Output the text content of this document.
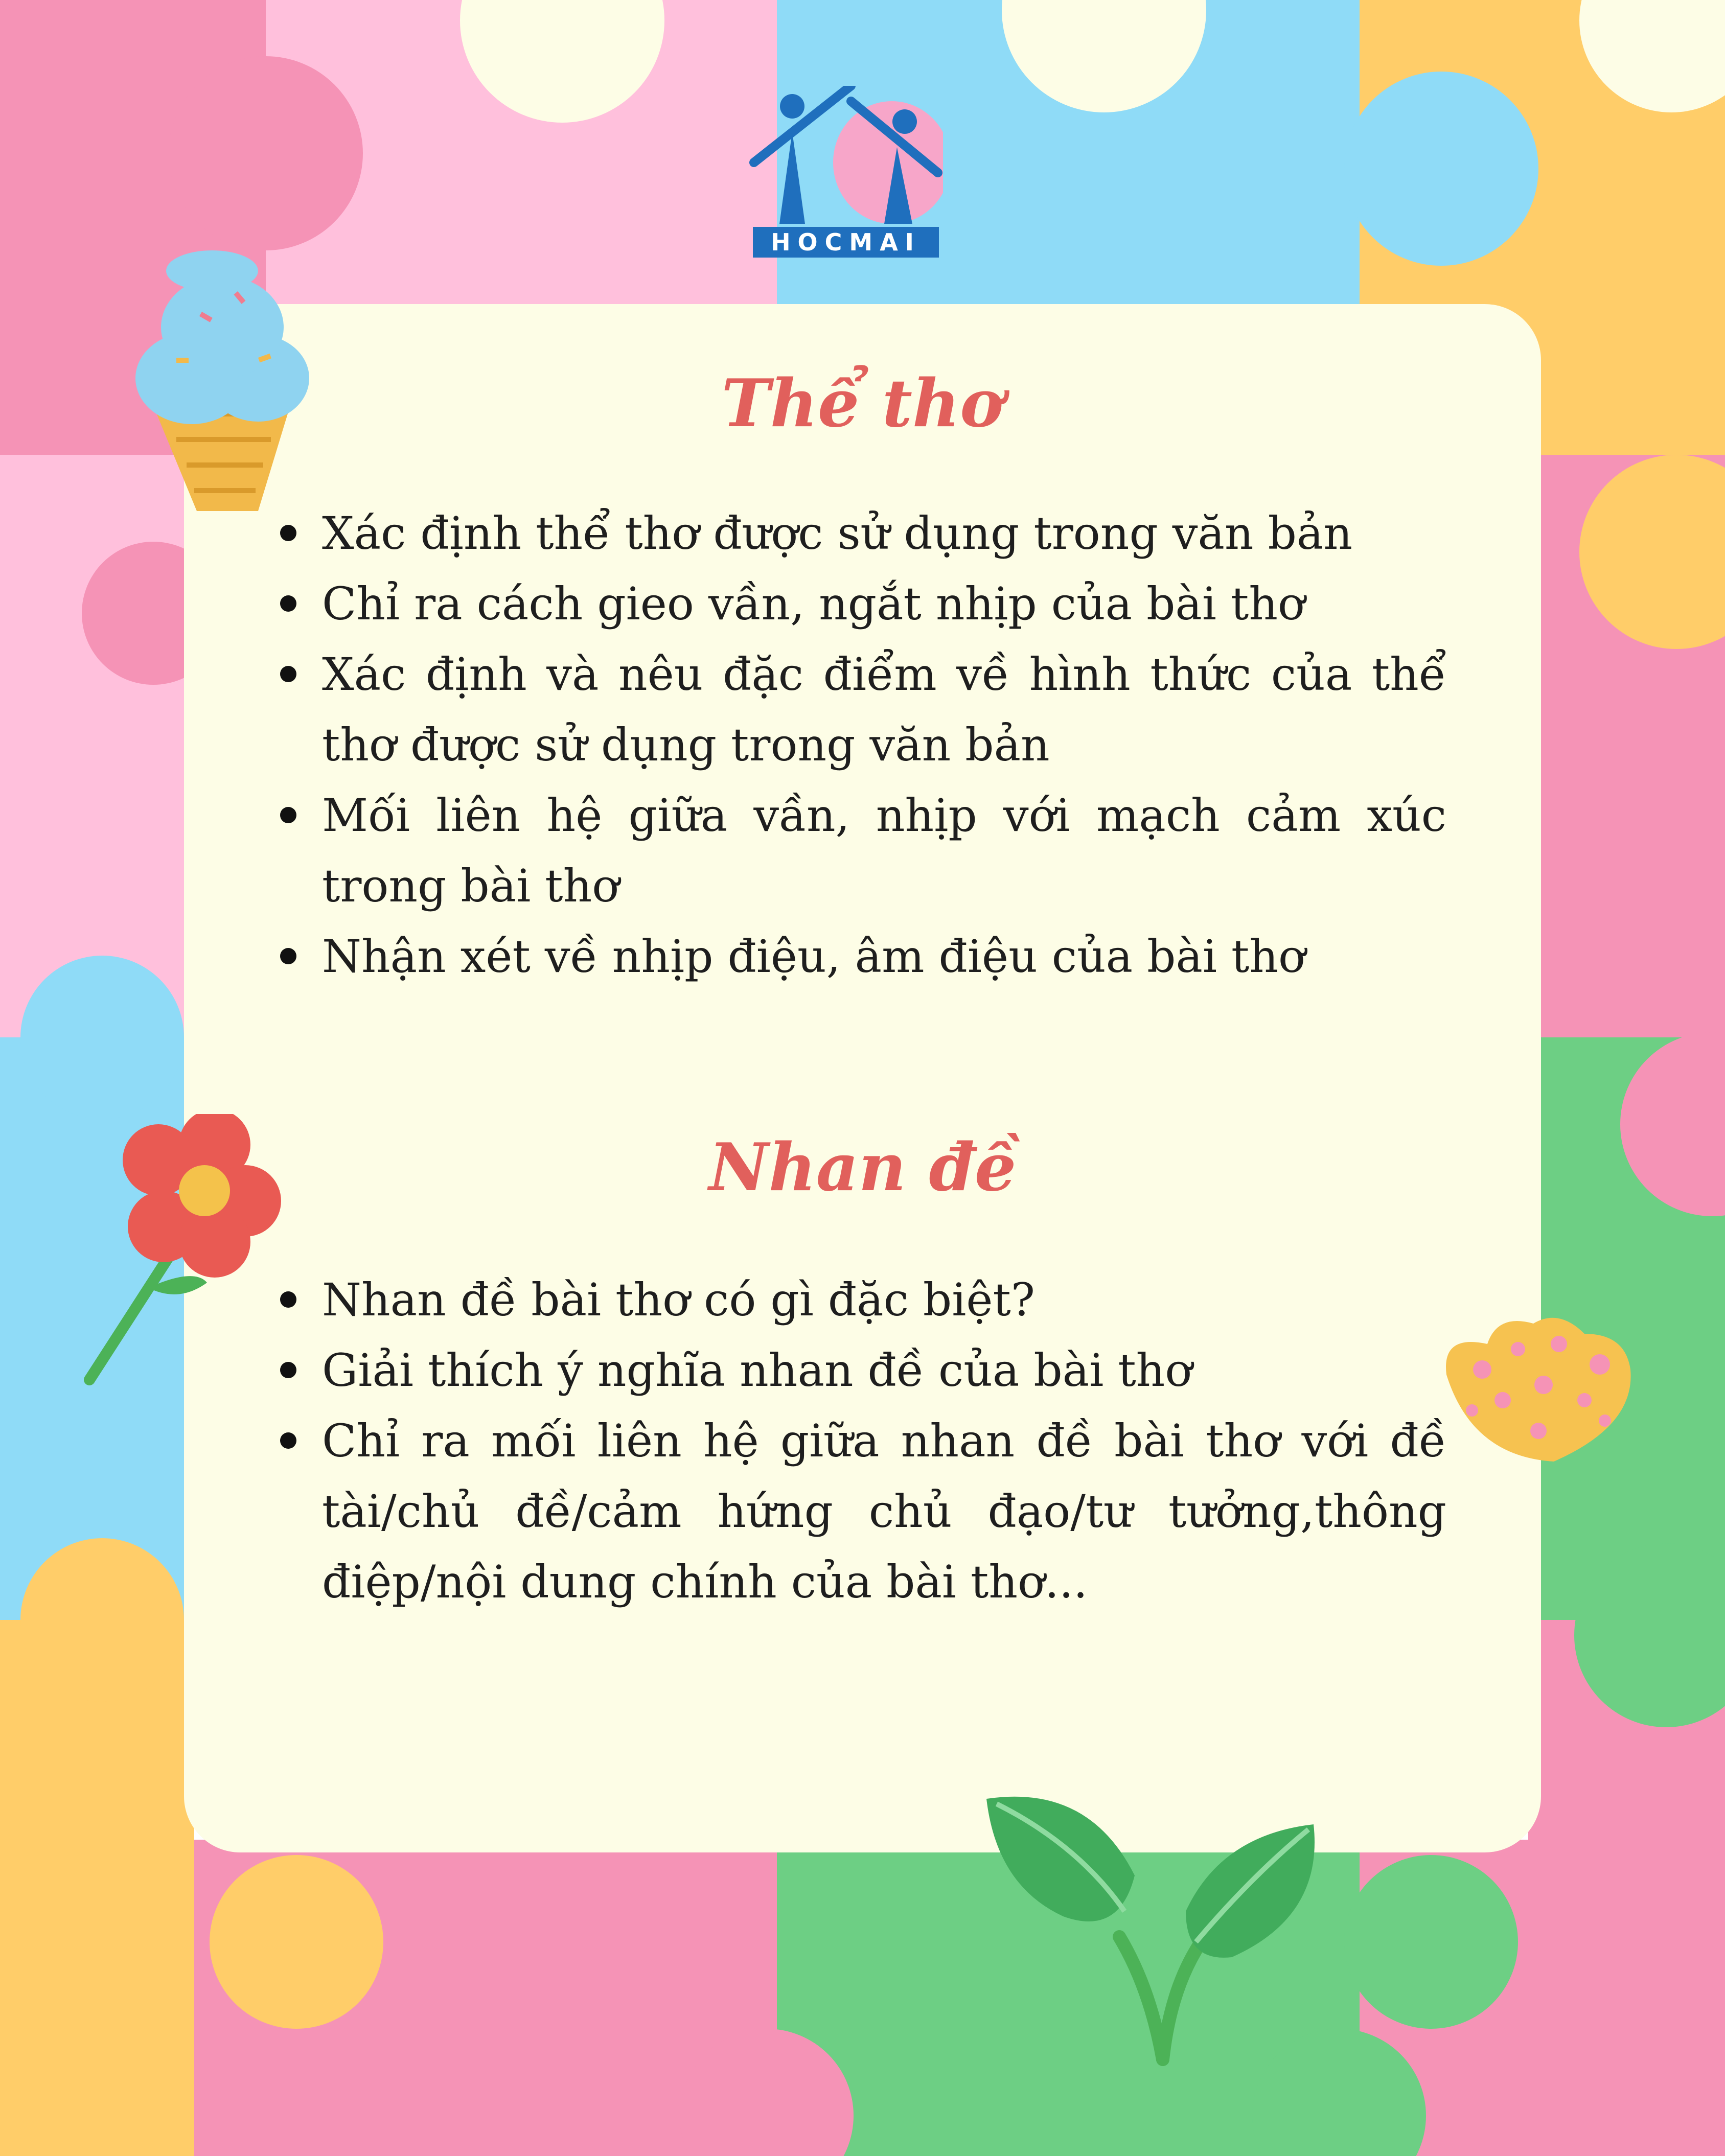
HOCMAI
Thể thơ
Xác định thể thơ được sử dụng trong văn bản
Chỉ ra cách gieo vần, ngắt nhịp của bài thơ
Xác định và nêu đặc điểm về hình thức của thể thơ được sử dụng trong văn bản
Mối liên hệ giữa vần, nhịp với mạch cảm xúc trong bài thơ
Nhận xét về nhịp điệu, âm điệu của bài thơ
Nhan đề
Nhan đề bài thơ có gì đặc biệt?
Giải thích ý nghĩa nhan đề của bài thơ
Chỉ ra mối liên hệ giữa nhan đề bài thơ với đề tài/chủ đề/cảm hứng chủ đạo/tư tưởng,thông điệp/nội dung chính của bài thơ...
